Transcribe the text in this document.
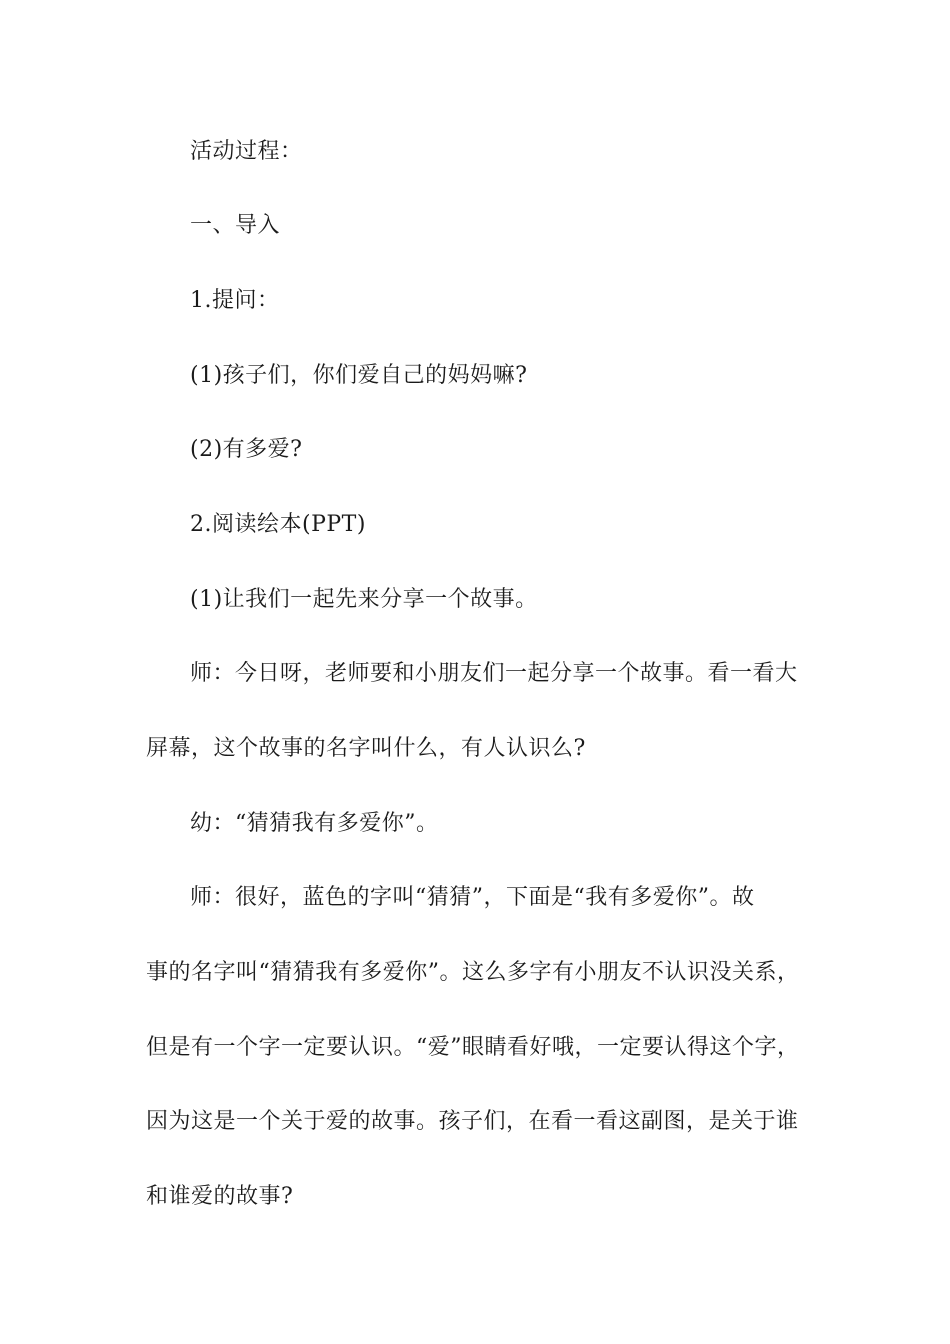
活动过程：
一、导入
1.提问：
(1)孩子们，你们爱自己的妈妈嘛?
(2)有多爱?
2.阅读绘本(PPT)
(1)让我们一起先来分享一个故事。
师：今日呀，老师要和小朋友们一起分享一个故事。看一看大
屏幕，这个故事的名字叫什么，有人认识么?
幼：“猜猜我有多爱你”。
师：很好，蓝色的字叫“猜猜”，下面是“我有多爱你”。故
事的名字叫“猜猜我有多爱你”。这么多字有小朋友不认识没关系，
但是有一个字一定要认识。“爱”眼睛看好哦，一定要认得这个字，
因为这是一个关于爱的故事。孩子们，在看一看这副图，是关于谁
和谁爱的故事?
